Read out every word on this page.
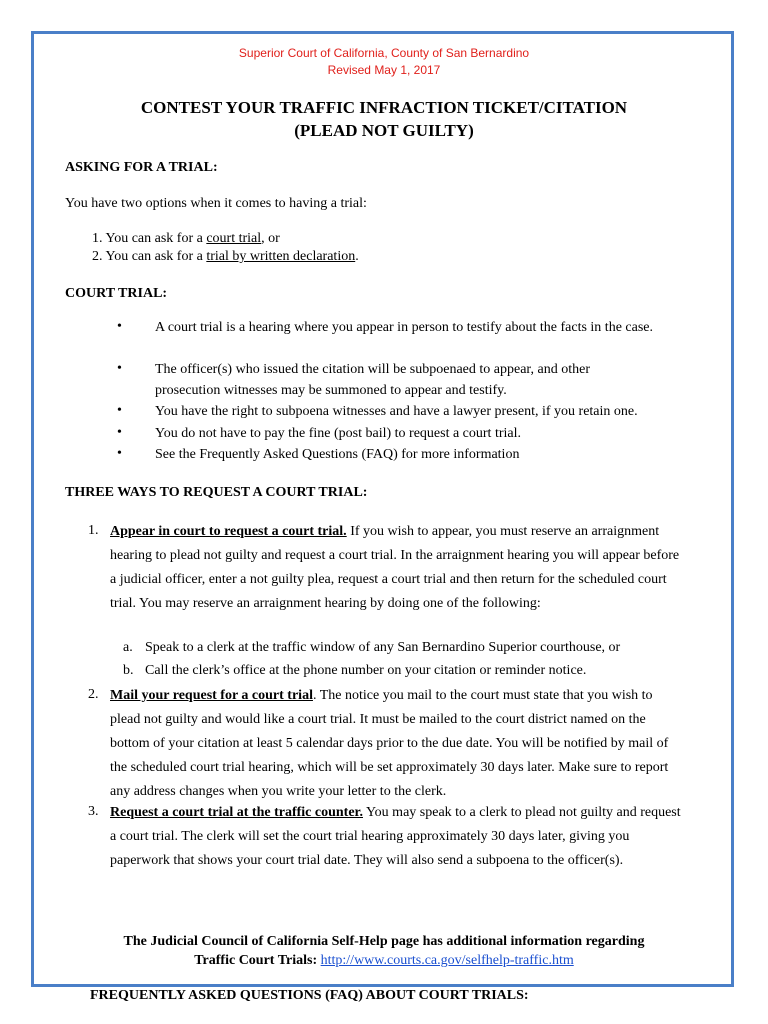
Superior Court of California, County of San Bernardino
Revised May 1, 2017
CONTEST YOUR TRAFFIC INFRACTION TICKET/CITATION
(PLEAD NOT GUILTY)
ASKING FOR A TRIAL:
You have two options when it comes to having a trial:
1. You can ask for a court trial, or
2. You can ask for a trial by written declaration.
COURT TRIAL:
• A court trial is a hearing where you appear in person to testify about the facts in the case.
• The officer(s) who issued the citation will be subpoenaed to appear, and other prosecution witnesses may be summoned to appear and testify.
• You have the right to subpoena witnesses and have a lawyer present, if you retain one.
• You do not have to pay the fine (post bail) to request a court trial.
• See the Frequently Asked Questions (FAQ) for more information
THREE WAYS TO REQUEST A COURT TRIAL:
1. Appear in court to request a court trial. If you wish to appear, you must reserve an arraignment hearing to plead not guilty and request a court trial. In the arraignment hearing you will appear before a judicial officer, enter a not guilty plea, request a court trial and then return for the scheduled court trial. You may reserve an arraignment hearing by doing one of the following:
a. Speak to a clerk at the traffic window of any San Bernardino Superior courthouse, or
b. Call the clerk’s office at the phone number on your citation or reminder notice.
2. Mail your request for a court trial. The notice you mail to the court must state that you wish to plead not guilty and would like a court trial. It must be mailed to the court district named on the bottom of your citation at least 5 calendar days prior to the due date. You will be notified by mail of the scheduled court trial hearing, which will be set approximately 30 days later. Make sure to report any address changes when you write your letter to the clerk.
3. Request a court trial at the traffic counter. You may speak to a clerk to plead not guilty and request a court trial. The clerk will set the court trial hearing approximately 30 days later, giving you paperwork that shows your court trial date. They will also send a subpoena to the officer(s).
The Judicial Council of California Self-Help page has additional information regarding
Traffic Court Trials: http://www.courts.ca.gov/selfhelp-traffic.htm
FREQUENTLY ASKED QUESTIONS (FAQ) ABOUT COURT TRIALS:
